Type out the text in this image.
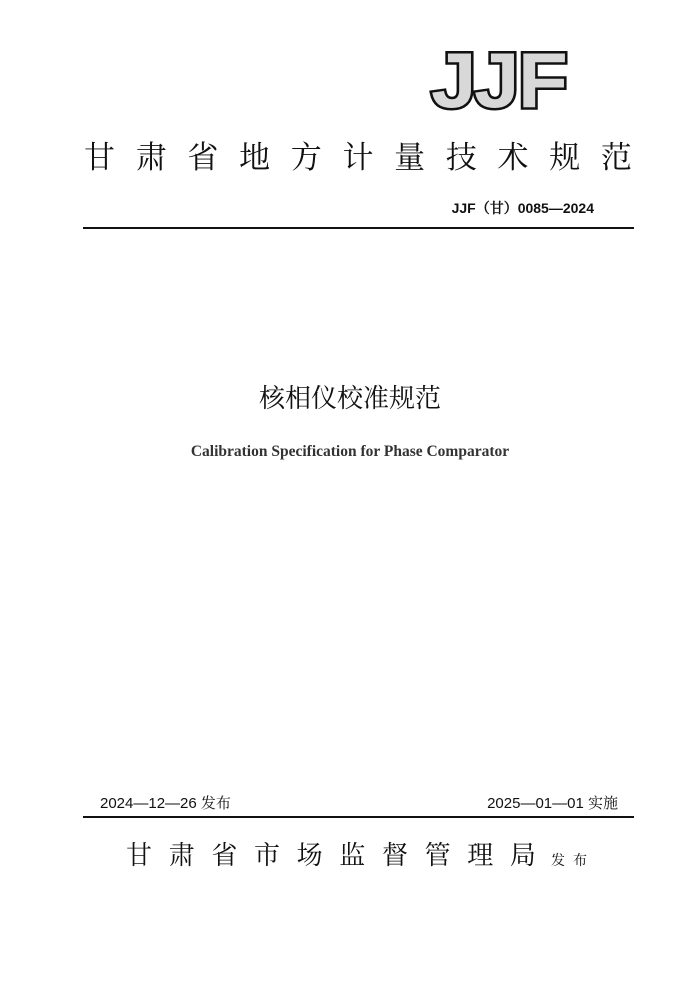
J J F
甘 肃 省 地 方 计 量 技 术 规 范
JJF（甘）0085—2024
核相仪校准规范
Calibration Specification for Phase Comparator
2024—12—26 发布	2025—01—01 实施
甘 肃 省 市 场 监 督 管 理 局 发布
